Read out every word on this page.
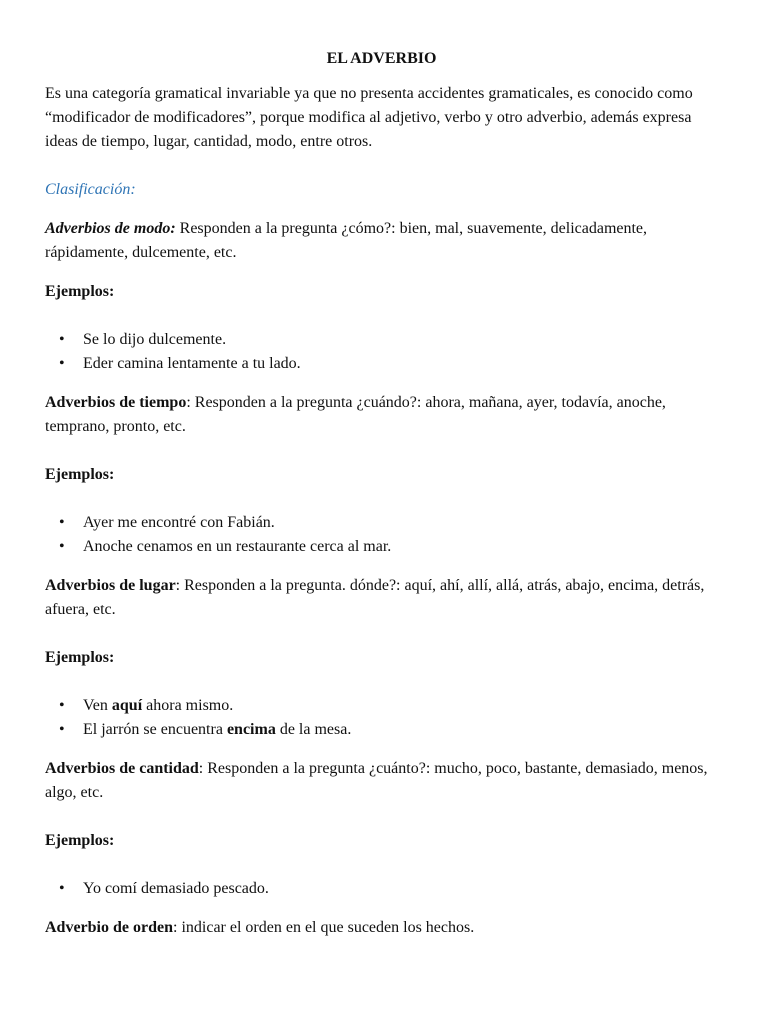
EL ADVERBIO

Es una categoría gramatical invariable ya que no presenta accidentes gramaticales, es conocido como “modificador de modificadores”, porque modifica al adjetivo, verbo y otro adverbio, además expresa ideas de tiempo, lugar, cantidad, modo, entre otros.

Clasificación:

Adverbios de modo: Responden a la pregunta ¿cómo?: bien, mal, suavemente, delicadamente, rápidamente, dulcemente, etc.

Ejemplos:

• Se lo dijo dulcemente.
• Eder camina lentamente a tu lado.

Adverbios de tiempo: Responden a la pregunta ¿cuándo?: ahora, mañana, ayer, todavía, anoche, temprano, pronto, etc.

Ejemplos:

• Ayer me encontré con Fabián.
• Anoche cenamos en un restaurante cerca al mar.

Adverbios de lugar: Responden a la pregunta. dónde?: aquí, ahí, allí, allá, atrás, abajo, encima, detrás, afuera, etc.

Ejemplos:

• Ven aquí ahora mismo.
• El jarrón se encuentra encima de la mesa.

Adverbios de cantidad: Responden a la pregunta ¿cuánto?: mucho, poco, bastante, demasiado, menos, algo, etc.

Ejemplos:

• Yo comí demasiado pescado.

Adverbio de orden: indicar el orden en el que suceden los hechos.
